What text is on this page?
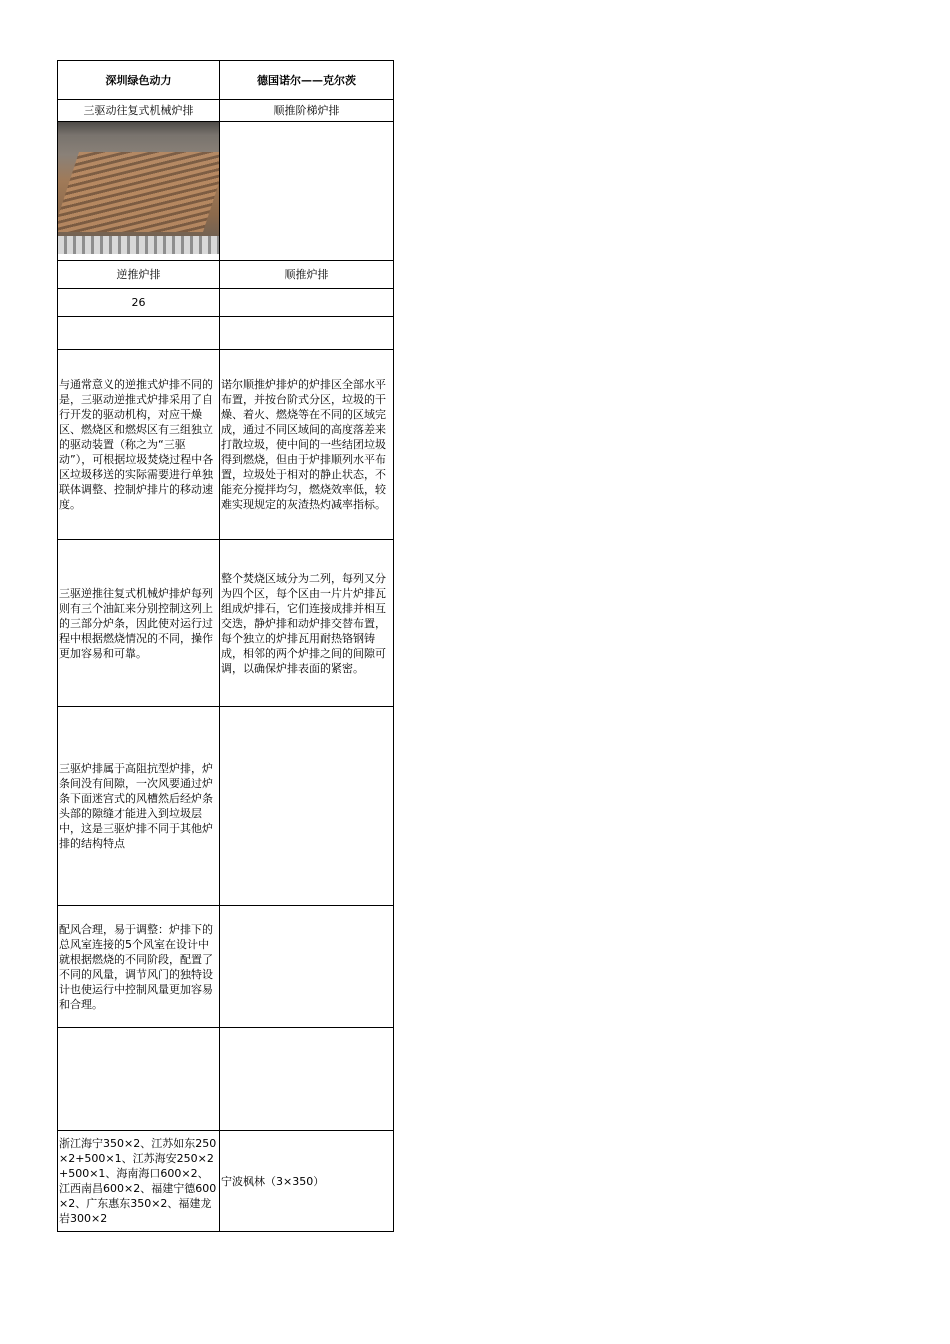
深圳绿色动力	德国诺尔——克尔茨
三驱动往复式机械炉排	顺推阶梯炉排

逆推炉排	顺推炉排
26	

与通常意义的逆推式炉排不同的是，三驱动逆推式炉排采用了自行开发的驱动机构，对应干燥区、燃烧区和燃烬区有三组独立的驱动装置（称之为“三驱动”），可根据垃圾焚烧过程中各区垃圾移送的实际需要进行单独联体调整、控制炉排片的移动速度。	诺尔顺推炉排炉的炉排区全部水平布置，并按台阶式分区，垃圾的干燥、着火、燃烧等在不同的区域完成，通过不同区域间的高度落差来打散垃圾，使中间的一些结团垃圾得到燃烧，但由于炉排顺列水平布置，垃圾处于相对的静止状态，不能充分搅拌均匀，燃烧效率低，较难实现规定的灰渣热灼减率指标。
三驱逆推往复式机械炉排炉每列则有三个油缸来分别控制这列上的三部分炉条，因此使对运行过程中根据燃烧情况的不同，操作更加容易和可靠。	整个焚烧区域分为二列，每列又分为四个区，每个区由一片片炉排瓦组成炉排石，它们连接成排并相互交迭，静炉排和动炉排交替布置，每个独立的炉排瓦用耐热铬钢铸成，相邻的两个炉排之间的间隙可调，以确保炉排表面的紧密。
三驱炉排属于高阻抗型炉排，炉条间没有间隙，一次风要通过炉条下面迷宫式的风槽然后经炉条头部的隙缝才能进入到垃圾层中，这是三驱炉排不同于其他炉排的结构特点	
配风合理，易于调整：炉排下的总风室连接的5个风室在设计中就根据燃烧的不同阶段，配置了不同的风量，调节风门的独特设计也使运行中控制风量更加容易和合理。	

浙江海宁350×2、江苏如东250×2+500×1、江苏海安250×2+500×1、海南海口600×2、江西南昌600×2、福建宁德600×2、广东惠东350×2、福建龙岩300×2	宁波枫林（3×350）
